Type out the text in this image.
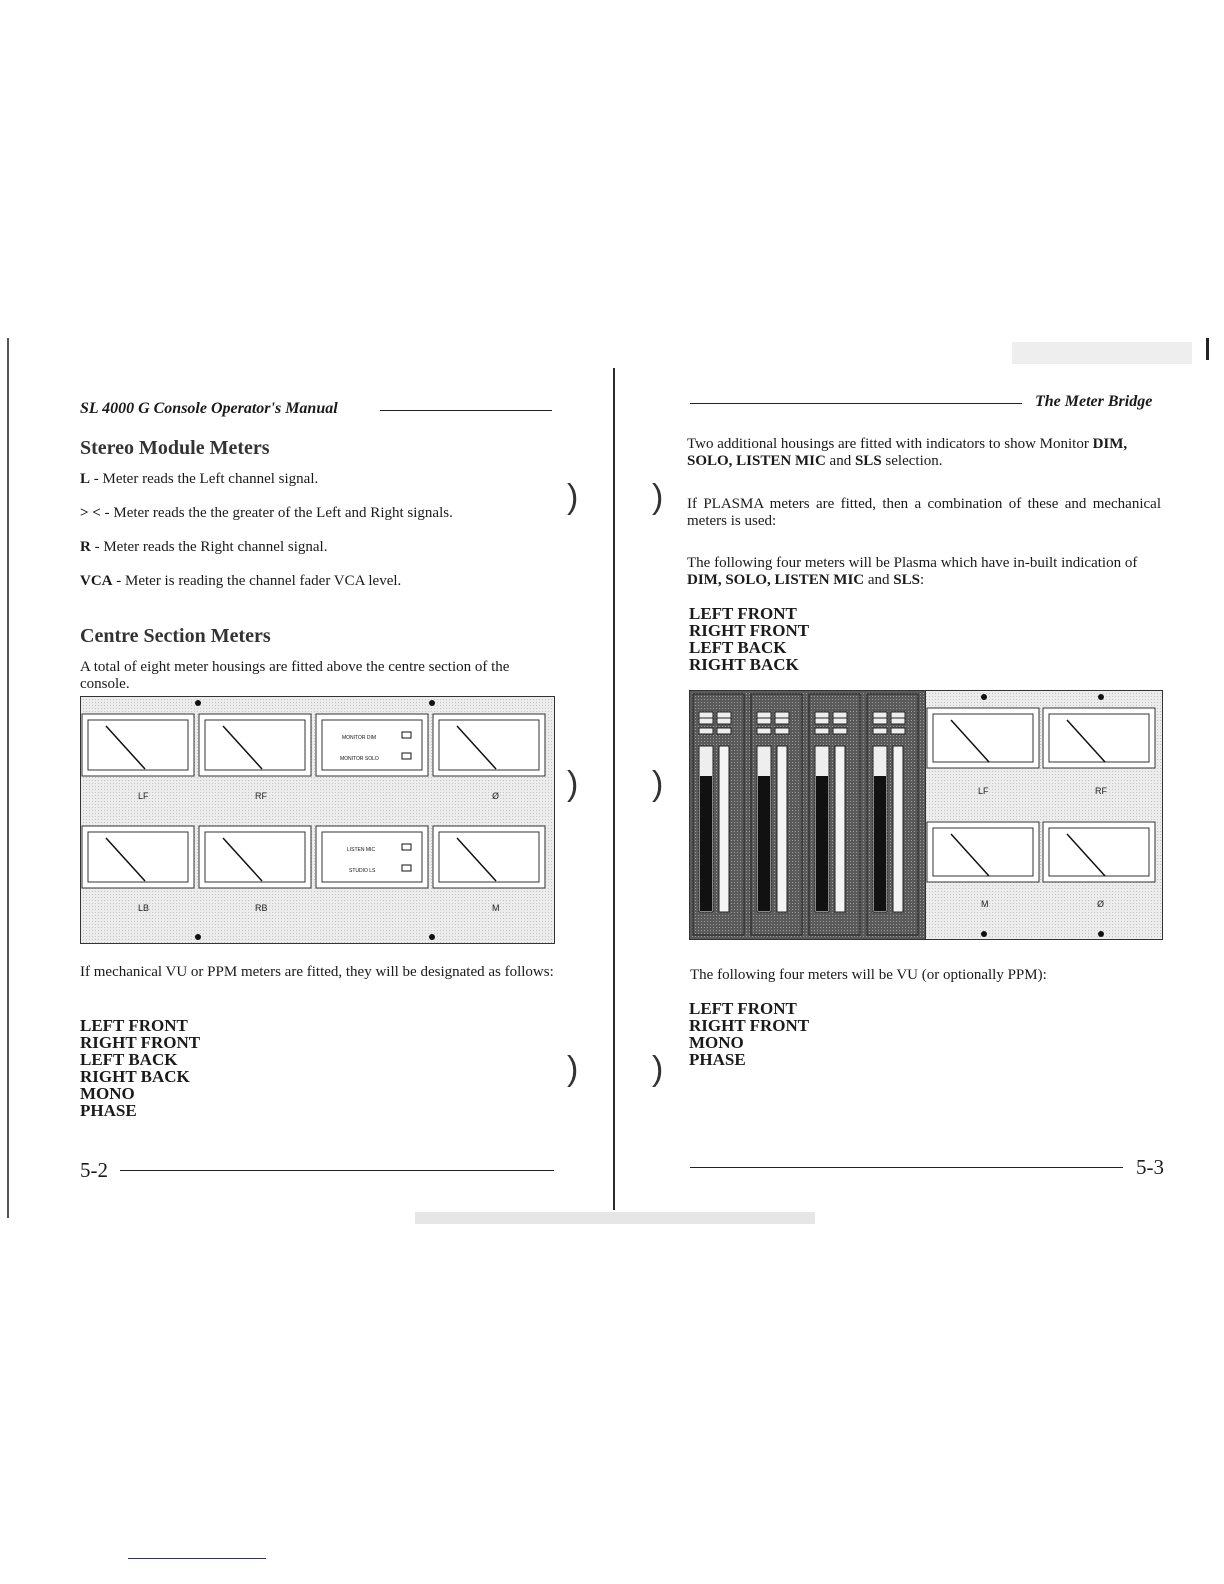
) )
) )
) )
SL 4000 G Console Operator's Manual
Stereo Module Meters

L - Meter reads the Left channel signal.

> < - Meter reads the the greater of the Left and Right signals.

R - Meter reads the Right channel signal.

VCA - Meter is reading the channel fader VCA level.

Centre Section Meters

A total of eight meter housings are fitted above the centre section of the console.

LF	RF	Ø
LB	RB	M
MONITOR DIM
MONITOR SOLO
LISTEN MIC
STUDIO LS

If mechanical VU or PPM meters are fitted, they will be designated as follows:

LEFT FRONT
RIGHT FRONT
LEFT BACK
RIGHT BACK
MONO
PHASE
5-2
The Meter Bridge

Two additional housings are fitted with indicators to show Monitor DIM, SOLO, LISTEN MIC and SLS selection.

If PLASMA meters are fitted, then a combination of these and mechanical meters is used:

The following four meters will be Plasma which have in-built indication of DIM, SOLO, LISTEN MIC and SLS:

LEFT FRONT
RIGHT FRONT
LEFT BACK
RIGHT BACK
LF	RF
M	Ø

The following four meters will be VU (or optionally PPM):

LEFT FRONT
RIGHT FRONT
MONO
PHASE
5-3
